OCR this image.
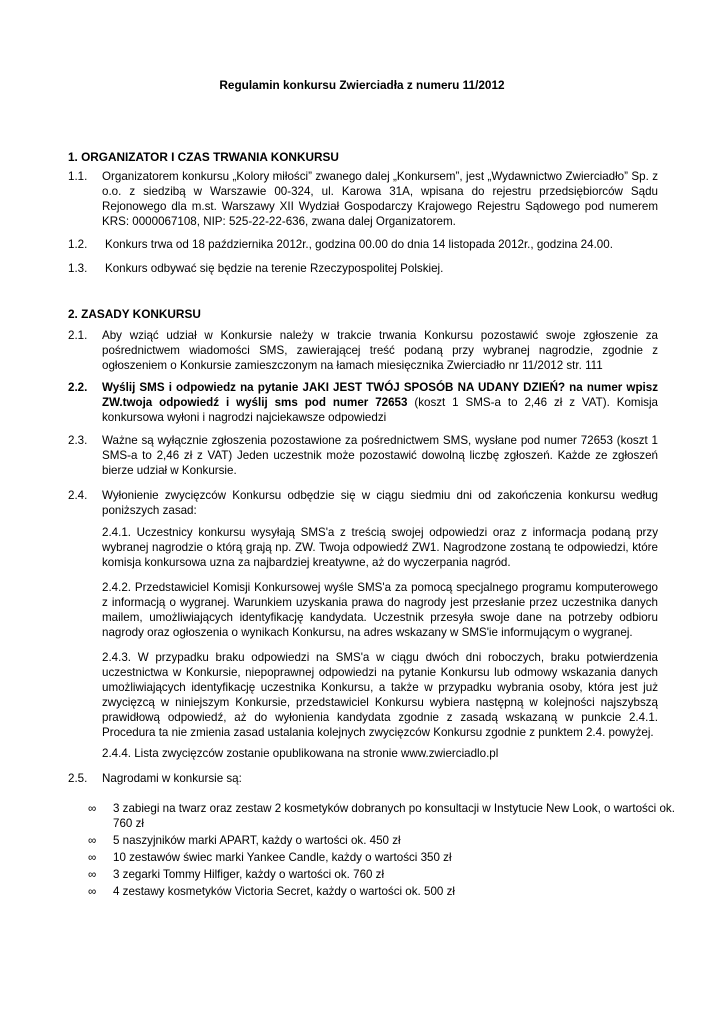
Regulamin konkursu Zwierciadła z numeru 11/2012
1. ORGANIZATOR I CZAS TRWANIA KONKURSU
1.1. Organizatorem konkursu „Kolory miłości” zwanego dalej „Konkursem”, jest „Wydawnictwo Zwierciadło” Sp. z o.o. z siedzibą w Warszawie 00-324, ul. Karowa 31A, wpisana do rejestru przedsiębiorców Sądu Rejonowego dla m.st. Warszawy XII Wydział Gospodarczy Krajowego Rejestru Sądowego pod numerem KRS: 0000067108, NIP: 525-22-22-636, zwana dalej Organizatorem.
1.2. Konkurs trwa od 18 października 2012r., godzina 00.00 do dnia 14 listopada 2012r., godzina 24.00.
1.3. Konkurs odbywać się będzie na terenie Rzeczypospolitej Polskiej.
2. ZASADY KONKURSU
2.1. Aby wziąć udział w Konkursie należy w trakcie trwania Konkursu pozostawić swoje zgłoszenie za pośrednictwem wiadomości SMS, zawierającej treść podaną przy wybranej nagrodzie, zgodnie z ogłoszeniem o Konkursie zamieszczonym na łamach miesięcznika Zwierciadło nr 11/2012 str. 111
2.2. Wyślij SMS i odpowiedz na pytanie JAKI JEST TWÓJ SPOSÓB NA UDANY DZIEŃ? na numer wpisz ZW.twoja odpowiedź i wyślij sms pod numer 72653 (koszt 1 SMS-a to 2,46 zł z VAT). Komisja konkursowa wyłoni i nagrodzi najciekawsze odpowiedzi
2.3. Ważne są wyłącznie zgłoszenia pozostawione za pośrednictwem SMS, wysłane pod numer 72653 (koszt 1 SMS-a to 2,46 zł z VAT) Jeden uczestnik może pozostawić dowolną liczbę zgłoszeń. Każde ze zgłoszeń bierze udział w Konkursie.
2.4. Wyłonienie zwycięzców Konkursu odbędzie się w ciągu siedmiu dni od zakończenia konkursu według poniższych zasad:
2.4.1. Uczestnicy konkursu wysyłają SMS'a z treścią swojej odpowiedzi oraz z informacja podaną przy wybranej nagrodzie o którą grają np. ZW. Twoja odpowiedź ZW1. Nagrodzone zostaną te odpowiedzi, które komisja konkursowa uzna za najbardziej kreatywne, aż do wyczerpania nagród.
2.4.2. Przedstawiciel Komisji Konkursowej wyśle SMS'a za pomocą specjalnego programu komputerowego z informacją o wygranej. Warunkiem uzyskania prawa do nagrody jest przesłanie przez uczestnika danych mailem, umożliwiających identyfikację kandydata. Uczestnik przesyła swoje dane na potrzeby odbioru nagrody oraz ogłoszenia o wynikach Konkursu, na adres wskazany w SMS'ie informującym o wygranej.
2.4.3. W przypadku braku odpowiedzi na SMS'a w ciągu dwóch dni roboczych, braku potwierdzenia uczestnictwa w Konkursie, niepoprawnej odpowiedzi na pytanie Konkursu lub odmowy wskazania danych umożliwiających identyfikację uczestnika Konkursu, a także w przypadku wybrania osoby, która jest już zwycięzcą w niniejszym Konkursie, przedstawiciel Konkursu wybiera następną w kolejności najszybszą prawidłową odpowiedź, aż do wyłonienia kandydata zgodnie z zasadą wskazaną w punkcie 2.4.1. Procedura ta nie zmienia zasad ustalania kolejnych zwycięzców Konkursu zgodnie z punktem 2.4. powyżej.
2.4.4. Lista zwycięzców zostanie opublikowana na stronie www.zwierciadlo.pl
2.5. Nagrodami w konkursie są:
∞ 3 zabiegi na twarz oraz zestaw 2 kosmetyków dobranych po konsultacji w Instytucie New Look, o wartości ok. 760 zł
∞ 5 naszyjników marki APART, każdy o wartości ok. 450 zł
∞ 10 zestawów świec marki Yankee Candle, każdy o wartości 350 zł
∞ 3 zegarki Tommy Hilfiger, każdy o wartości ok. 760 zł
∞ 4 zestawy kosmetyków Victoria Secret, każdy o wartości ok. 500 zł
